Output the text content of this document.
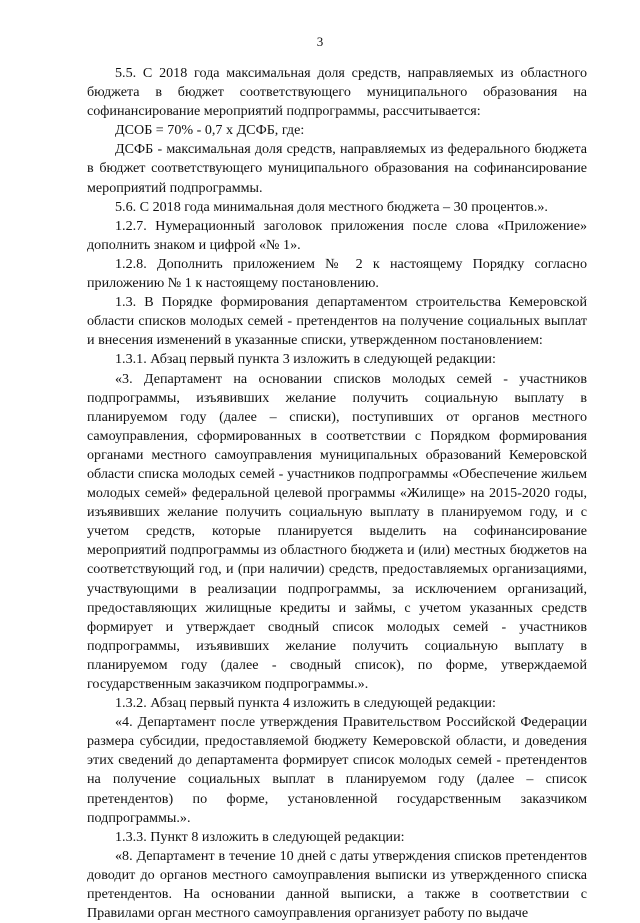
3

5.5. С 2018 года максимальная доля средств, направляемых из областного бюджета в бюджет соответствующего муниципального образования на софинансирование мероприятий подпрограммы, рассчитывается:

ДСОБ = 70% - 0,7 х ДСФБ, где:

ДСФБ - максимальная доля средств, направляемых из федерального бюджета в бюджет соответствующего муниципального образования на софинансирование мероприятий подпрограммы.

5.6. С 2018 года минимальная доля местного бюджета – 30 процентов.».

1.2.7. Нумерационный заголовок приложения после слова «Приложение» дополнить знаком и цифрой «№ 1».

1.2.8. Дополнить приложением № 2 к настоящему Порядку согласно приложению № 1 к настоящему постановлению.

1.3. В Порядке формирования департаментом строительства Кемеровской области списков молодых семей - претендентов на получение социальных выплат и внесения изменений в указанные списки, утвержденном постановлением:

1.3.1. Абзац первый пункта 3 изложить в следующей редакции:

«3. Департамент на основании списков молодых семей - участников подпрограммы, изъявивших желание получить социальную выплату в планируемом году (далее – списки), поступивших от органов местного самоуправления, сформированных в соответствии с Порядком формирования органами местного самоуправления муниципальных образований Кемеровской области списка молодых семей - участников подпрограммы «Обеспечение жильем молодых семей» федеральной целевой программы «Жилище» на 2015-2020 годы, изъявивших желание получить социальную выплату в планируемом году, и с учетом средств, которые планируется выделить на софинансирование мероприятий подпрограммы из областного бюджета и (или) местных бюджетов на соответствующий год, и (при наличии) средств, предоставляемых организациями, участвующими в реализации подпрограммы, за исключением организаций, предоставляющих жилищные кредиты и займы, с учетом указанных средств формирует и утверждает сводный список молодых семей - участников подпрограммы, изъявивших желание получить социальную выплату в планируемом году (далее - сводный список), по форме, утверждаемой государственным заказчиком подпрограммы.».

1.3.2. Абзац первый пункта 4 изложить в следующей редакции:

«4. Департамент после утверждения Правительством Российской Федерации размера субсидии, предоставляемой бюджету Кемеровской области, и доведения этих сведений до департамента формирует список молодых семей - претендентов на получение социальных выплат в планируемом году (далее – список претендентов) по форме, установленной государственным заказчиком подпрограммы.».

1.3.3. Пункт 8 изложить в следующей редакции:

«8. Департамент в течение 10 дней с даты утверждения списков претендентов доводит до органов местного самоуправления выписки из утвержденного списка претендентов. На основании данной выписки, а также в соответствии с Правилами орган местного самоуправления организует работу по выдаче
